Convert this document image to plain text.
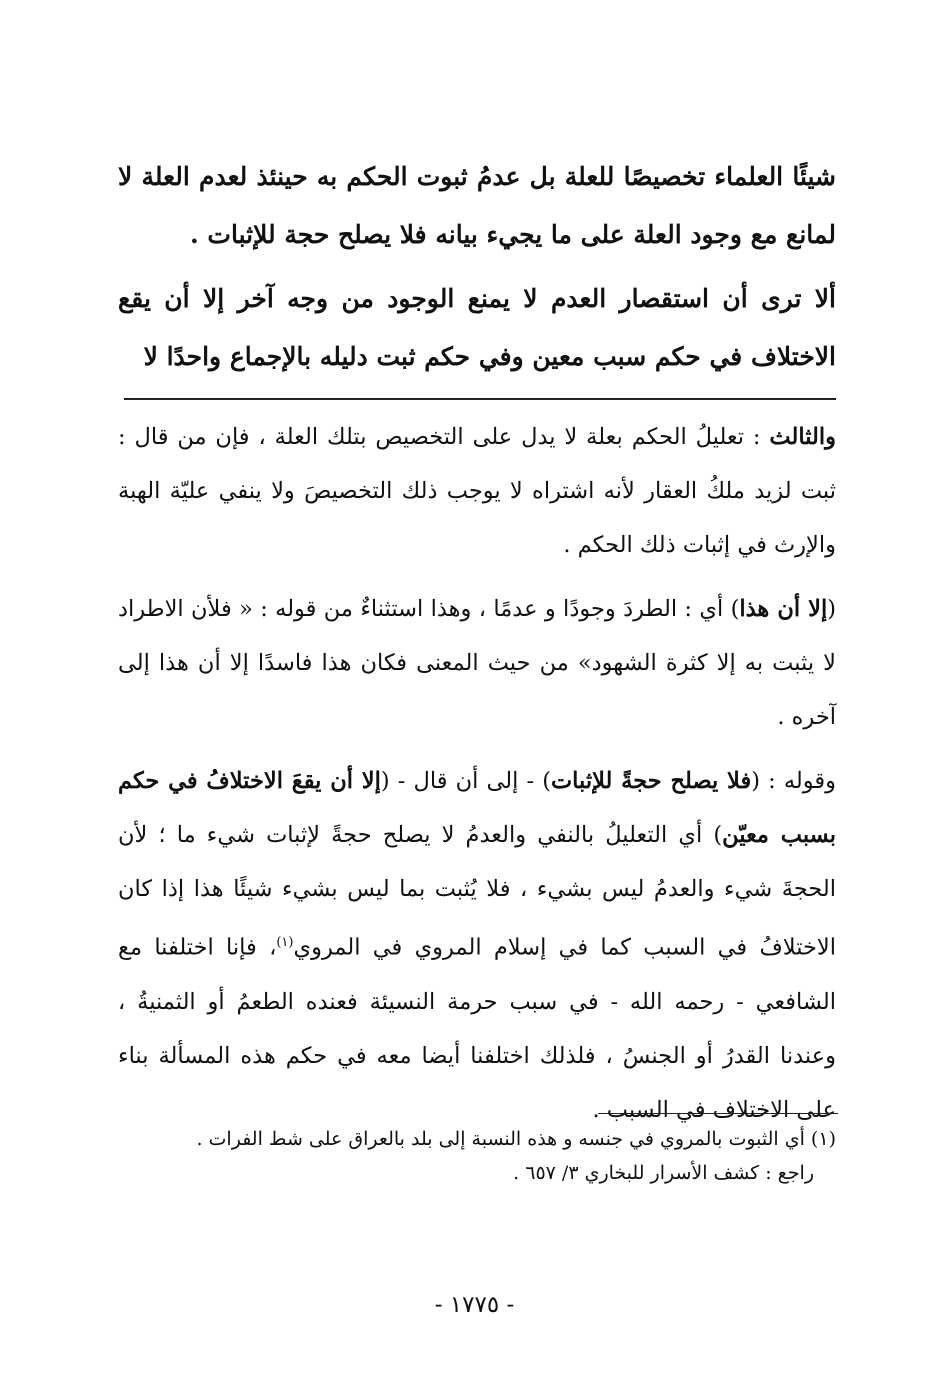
شيئًا العلماء تخصيصًا للعلة بل عدمُ ثبوت الحكم به حينئذ لعدم العلة لا لمانع مع وجود العلة على ما يجيء بيانه فلا يصلح حجة للإثبات .

ألا ترى أن استقصار العدم لا يمنع الوجود من وجه آخر إلا أن يقع الاختلاف في حكم سبب معين وفي حكم ثبت دليله بالإجماع واحدًا لا

والثالث : تعليلُ الحكم بعلة لا يدل على التخصيص بتلك العلة ، فإن من قال : ثبت لزيد ملكُ العقار لأنه اشتراه لا يوجب ذلك التخصيصَ ولا ينفي عليّة الهبة والإرث في إثبات ذلك الحكم .

(إلا أن هذا) أي : الطردَ وجودًا و عدمًا ، وهذا استثناءٌ من قوله : « فلأن الاطراد لا يثبت به إلا كثرة الشهود» من حيث المعنى فكان هذا فاسدًا إلا أن هذا إلى آخره .

وقوله : (فلا يصلح حجةً للإثبات) - إلى أن قال - (إلا أن يقعَ الاختلافُ في حكم بسبب معيّن) أي التعليلُ بالنفي والعدمُ لا يصلح حجةً لإثبات شيء ما ؛ لأن الحجةَ شيء والعدمُ ليس بشيء ، فلا يُثبت بما ليس بشيء شيئًا هذا إذا كان الاختلافُ في السبب كما في إسلام المروي في المروي$^{(١)}$، فإنا اختلفنا مع الشافعي - رحمه الله - في سبب حرمة النسيئة فعنده الطعمُ أو الثمنيةُ ، وعندنا القدرُ أو الجنسُ ، فلذلك اختلفنا أيضا معه في حكم هذه المسألة بناء على الاختلاف في السبب .

(١) أي الثبوت بالمروي في جنسه و هذه النسبة إلى بلد بالعراق على شط الفرات .

راجع : كشف الأسرار للبخاري ٣/ ٦٥٧ .

- ١٧٧٥ -
